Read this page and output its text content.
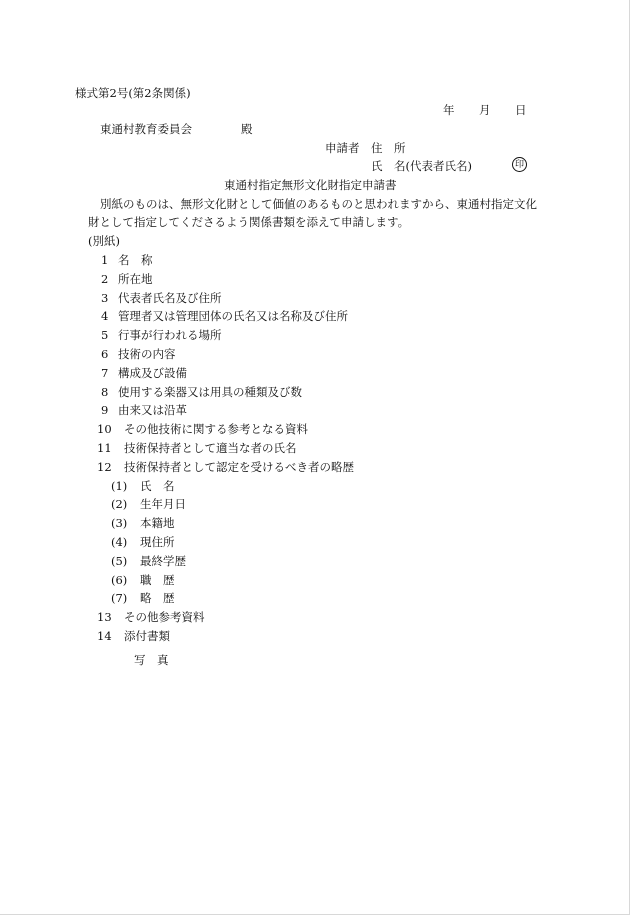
様式第2号(第2条関係)
年 月 日
東通村教育委員会	殿
申請者 住　所
氏　名(代表者氏名)	印
東通村指定無形文化財指定申請書
別紙のものは、無形文化財として価値のあるものと思われますから、東通村指定文化
財として指定してくださるよう関係書類を添えて申請します。
(別紙)
1 名　称
2 所在地
3 代表者氏名及び住所
4 管理者又は管理団体の氏名又は名称及び住所
5 行事が行われる場所
6 技術の内容
7 構成及び設備
8 使用する楽器又は用具の種類及び数
9 由来又は沿革
10 その他技術に関する参考となる資料
11 技術保持者として適当な者の氏名
12 技術保持者として認定を受けるべき者の略歴
(1) 氏　名
(2) 生年月日
(3) 本籍地
(4) 現住所
(5) 最終学歴
(6) 職　歴
(7) 略　歴
13 その他参考資料
14 添付書類
写　真
